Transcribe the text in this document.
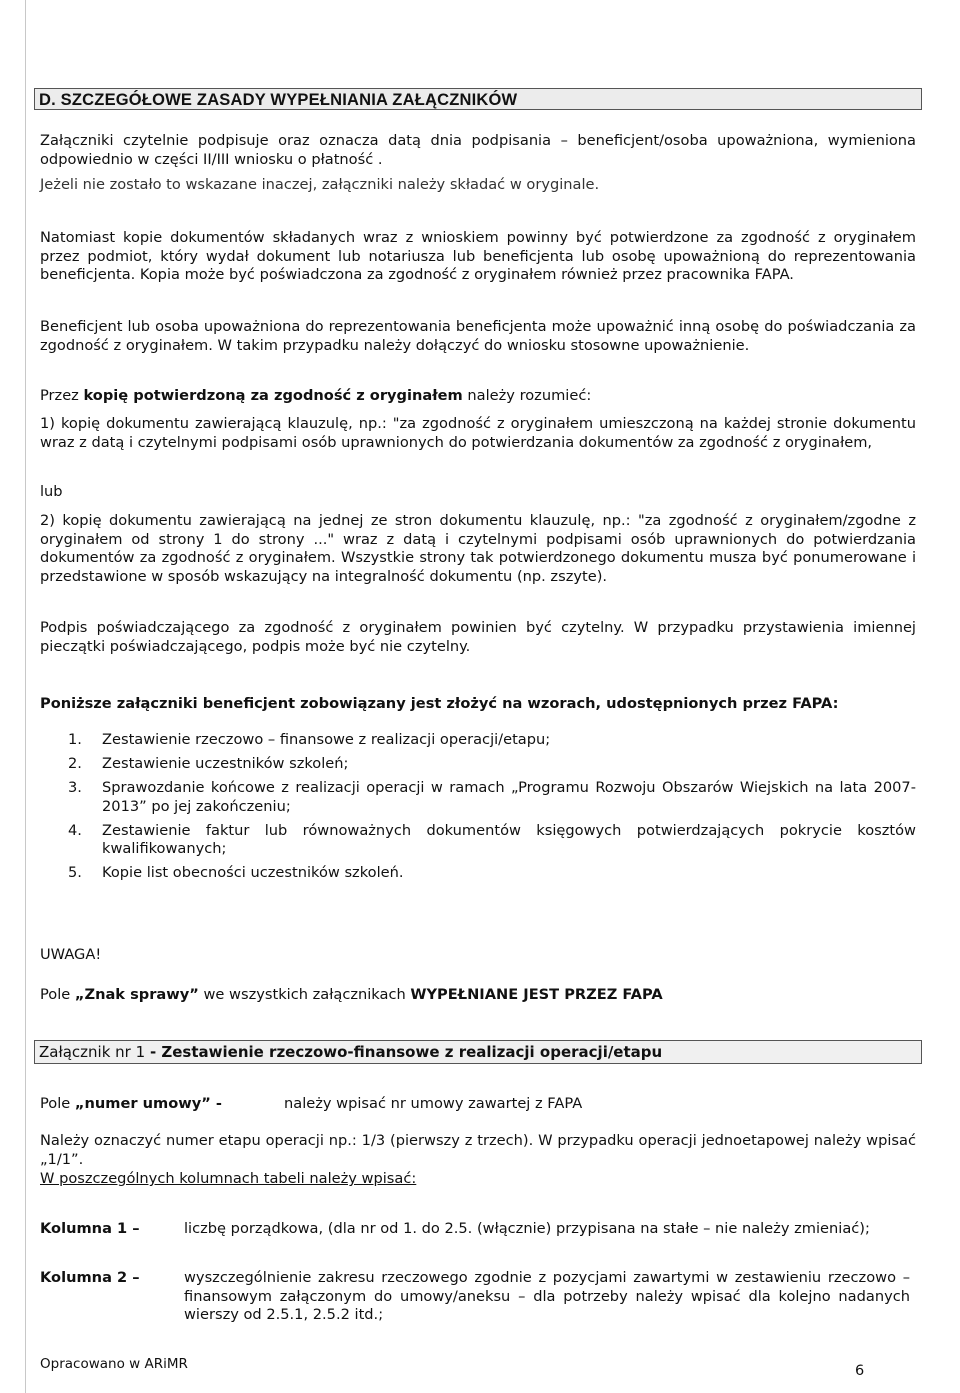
D. SZCZEGÓŁOWE ZASADY WYPEŁNIANIA ZAŁĄCZNIKÓW
Załączniki czytelnie podpisuje oraz oznacza datą dnia podpisania – beneficjent/osoba upoważniona, wymieniona odpowiednio w części II/III wniosku o płatność .
Jeżeli nie zostało to wskazane inaczej, załączniki należy składać w oryginale.
Natomiast kopie dokumentów składanych wraz z wnioskiem powinny być potwierdzone za zgodność z oryginałem przez podmiot, który wydał dokument lub notariusza lub beneficjenta lub osobę upoważnioną do reprezentowania beneficjenta. Kopia może być poświadczona za zgodność z oryginałem również przez pracownika FAPA.
Beneficjent lub osoba upoważniona do reprezentowania beneficjenta może upoważnić inną osobę do poświadczania za zgodność z oryginałem. W takim przypadku należy dołączyć do wniosku stosowne upoważnienie.
Przez kopię potwierdzoną za zgodność z oryginałem należy rozumieć:
1) kopię dokumentu zawierającą klauzulę, np.: "za zgodność z oryginałem umieszczoną na każdej stronie dokumentu wraz z datą i czytelnymi podpisami osób uprawnionych do potwierdzania dokumentów za zgodność z oryginałem,
lub
2) kopię dokumentu zawierającą na jednej ze stron dokumentu klauzulę, np.: "za zgodność z oryginałem/zgodne z oryginałem od strony 1 do strony ..." wraz z datą i czytelnymi podpisami osób uprawnionych do potwierdzania dokumentów za zgodność z oryginałem. Wszystkie strony tak potwierdzonego dokumentu musza być ponumerowane i przedstawione w sposób wskazujący na integralność dokumentu (np. zszyte).
Podpis poświadczającego za zgodność z oryginałem powinien być czytelny. W przypadku przystawienia imiennej pieczątki poświadczającego, podpis może być nie czytelny.
Poniższe załączniki beneficjent zobowiązany jest złożyć na wzorach, udostępnionych przez FAPA:
1. Zestawienie rzeczowo – finansowe z realizacji operacji/etapu;
2. Zestawienie uczestników szkoleń;
3. Sprawozdanie końcowe z realizacji operacji w ramach „Programu Rozwoju Obszarów Wiejskich na lata 2007-2013” po jej zakończeniu;
4. Zestawienie faktur lub równoważnych dokumentów księgowych potwierdzających pokrycie kosztów kwalifikowanych;
5. Kopie list obecności uczestników szkoleń.
UWAGA!
Pole „Znak sprawy” we wszystkich załącznikach WYPEŁNIANE JEST PRZEZ FAPA
Załącznik nr 1 - Zestawienie rzeczowo-finansowe z realizacji operacji/etapu
Pole „numer umowy” -	należy wpisać nr umowy zawartej z FAPA
Należy oznaczyć numer etapu operacji np.: 1/3 (pierwszy z trzech). W przypadku operacji jednoetapowej należy wpisać „1/1”.
W poszczególnych kolumnach tabeli należy wpisać:
Kolumna 1 –	liczbę porządkowa, (dla nr od 1. do 2.5. (włącznie) przypisana na stałe – nie należy zmieniać);
Kolumna 2 –	wyszczególnienie zakresu rzeczowego zgodnie z pozycjami zawartymi w zestawieniu rzeczowo – finansowym załączonym do umowy/aneksu – dla potrzeby należy wpisać dla kolejno nadanych wierszy od 2.5.1, 2.5.2 itd.;
Opracowano w ARiMR	6
